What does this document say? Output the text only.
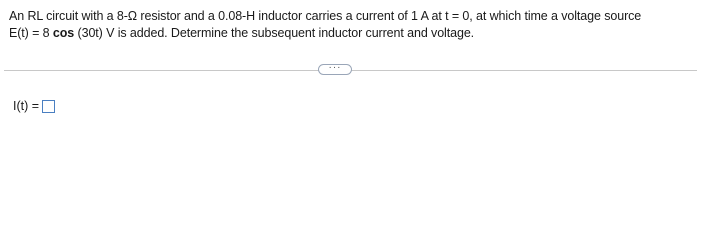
An RL circuit with a 8-Ω resistor and a 0.08-H inductor carries a current of 1 A at t = 0, at which time a voltage source

E(t) = 8 cos (30t) V is added. Determine the subsequent inductor current and voltage.

···
I(t) =
